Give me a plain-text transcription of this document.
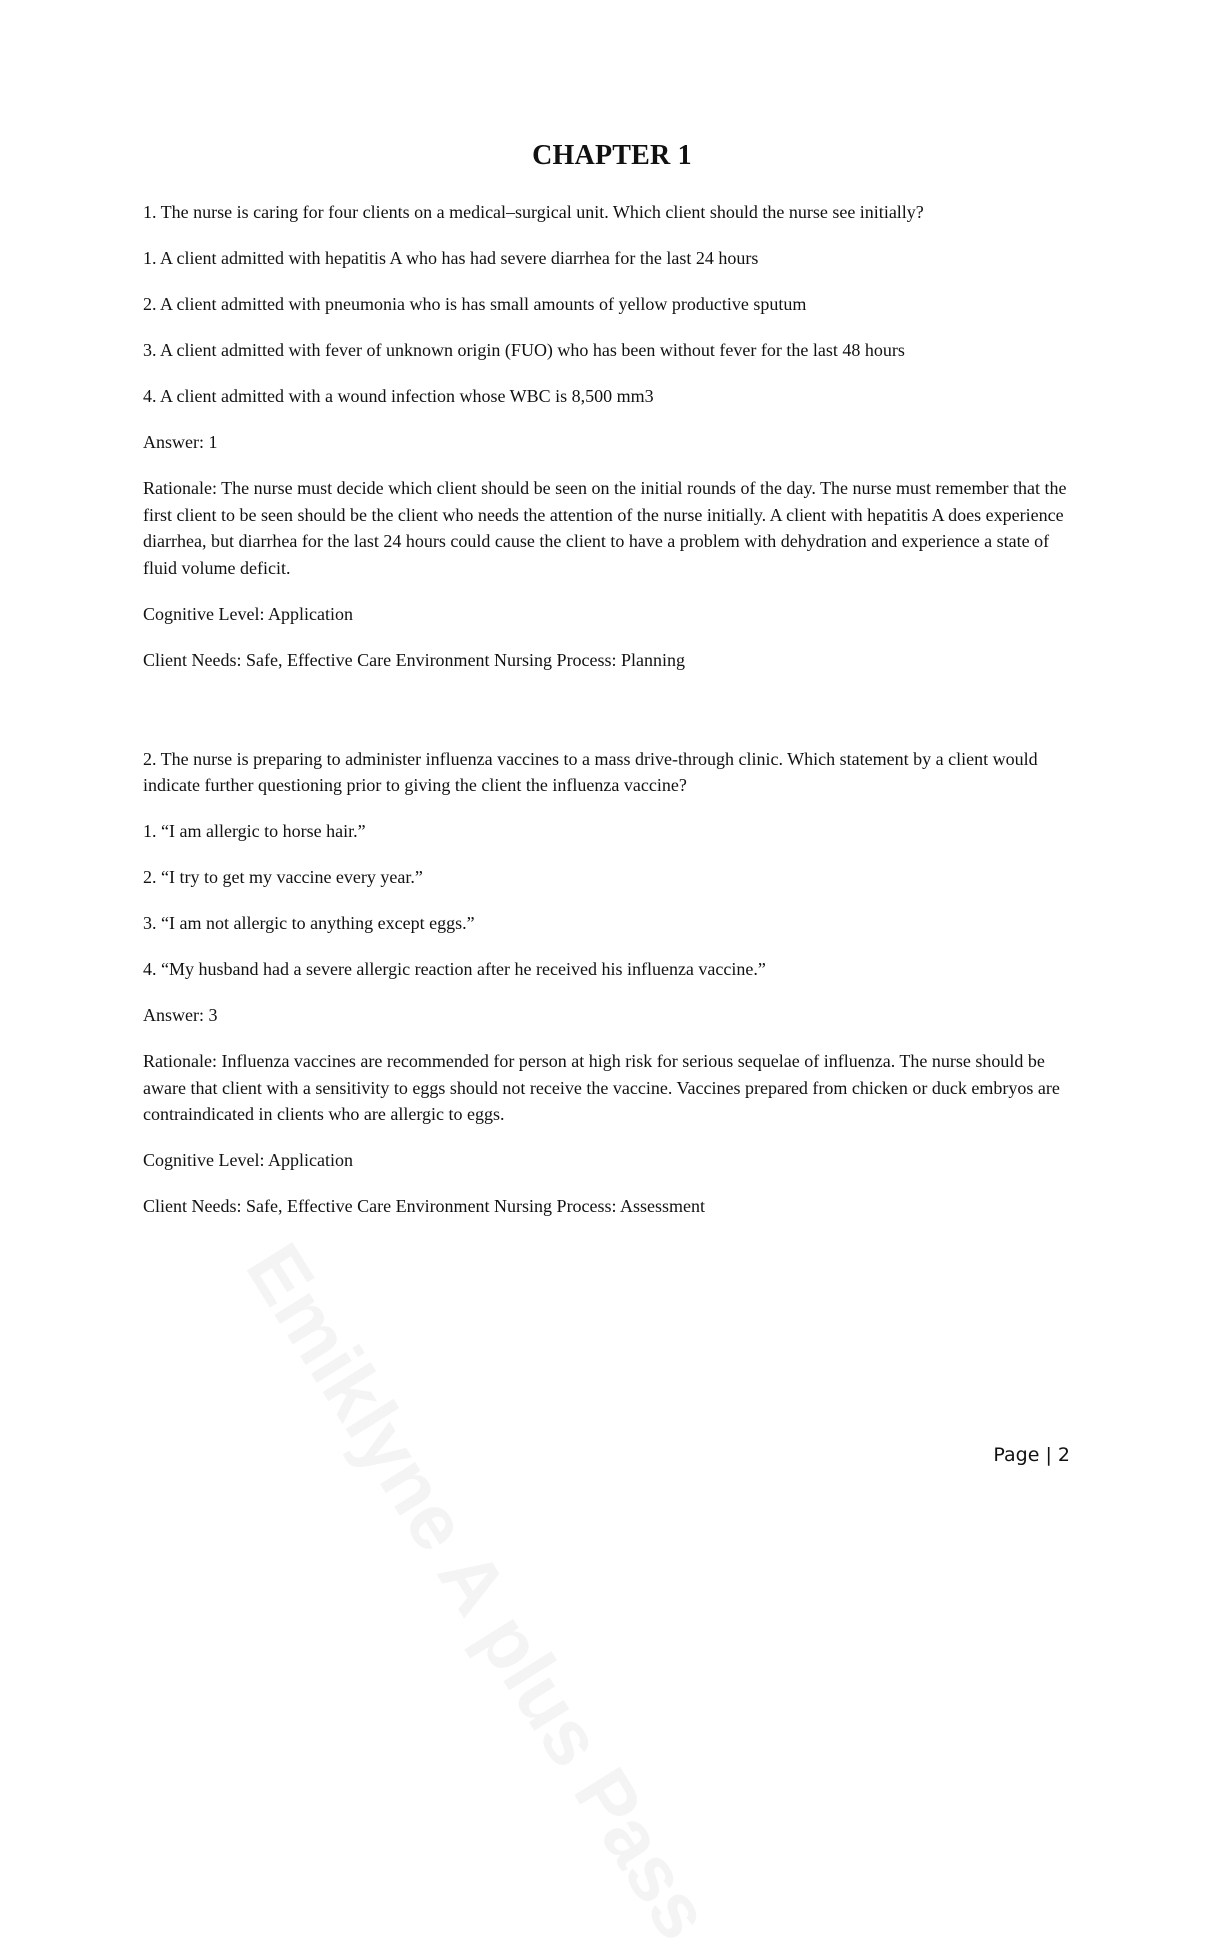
CHAPTER 1

1. The nurse is caring for four clients on a medical–surgical unit. Which client should the nurse see initially?

1. A client admitted with hepatitis A who has had severe diarrhea for the last 24 hours

2. A client admitted with pneumonia who is has small amounts of yellow productive sputum

3. A client admitted with fever of unknown origin (FUO) who has been without fever for the last 48 hours

4. A client admitted with a wound infection whose WBC is 8,500 mm3

Answer: 1

Rationale: The nurse must decide which client should be seen on the initial rounds of the day. The nurse must remember that the first client to be seen should be the client who needs the attention of the nurse initially. A client with hepatitis A does experience diarrhea, but diarrhea for the last 24 hours could cause the client to have a problem with dehydration and experience a state of fluid volume deficit.

Cognitive Level: Application

Client Needs: Safe, Effective Care Environment Nursing Process: Planning

2. The nurse is preparing to administer influenza vaccines to a mass drive-through clinic. Which statement by a client would indicate further questioning prior to giving the client the influenza vaccine?

1. “I am allergic to horse hair.”

2. “I try to get my vaccine every year.”

3. “I am not allergic to anything except eggs.”

4. “My husband had a severe allergic reaction after he received his influenza vaccine.”

Answer: 3

Rationale: Influenza vaccines are recommended for person at high risk for serious sequelae of influenza. The nurse should be aware that client with a sensitivity to eggs should not receive the vaccine. Vaccines prepared from chicken or duck embryos are contraindicated in clients who are allergic to eggs.

Cognitive Level: Application

Client Needs: Safe, Effective Care Environment Nursing Process: Assessment

Emiklyne A plus Pass	Page | 2
